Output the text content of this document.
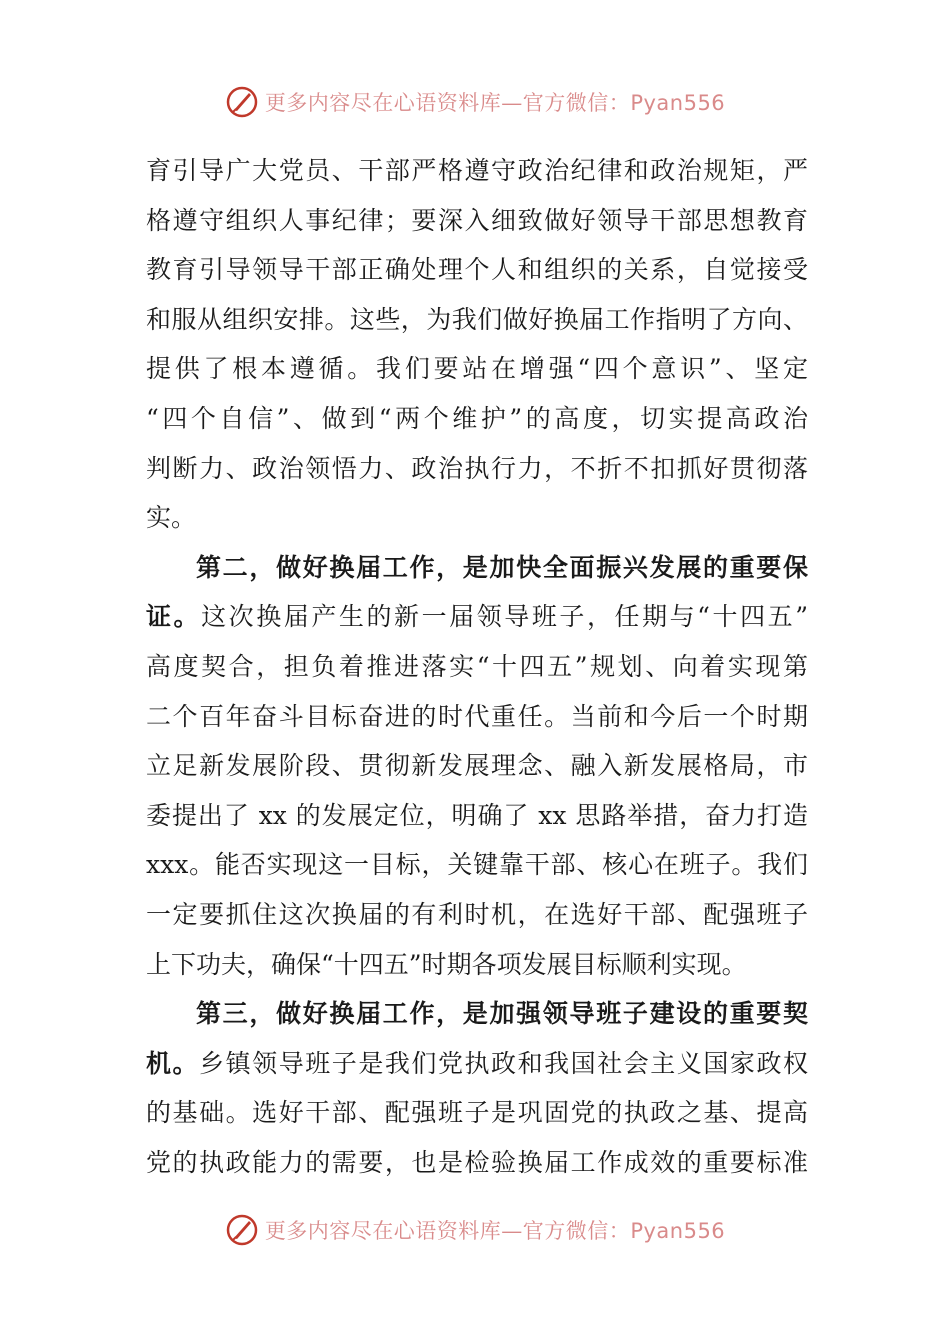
更多内容尽在心语资料库—官方微信：Pyan556
育引导广大党员、干部严格遵守政治纪律和政治规矩，严
格遵守组织人事纪律；要深入细致做好领导干部思想教育
教育引导领导干部正确处理个人和组织的关系，自觉接受
和服从组织安排。这些，为我们做好换届工作指明了方向、
提供了根本遵循。我们要站在增强“四个意识”、坚定
“四个自信”、做到“两个维护”的高度，切实提高政治
判断力、政治领悟力、政治执行力，不折不扣抓好贯彻落
实。
第二，做好换届工作，是加快全面振兴发展的重要保
证。这次换届产生的新一届领导班子，任期与“十四五”
高度契合，担负着推进落实“十四五”规划、向着实现第
二个百年奋斗目标奋进的时代重任。当前和今后一个时期
立足新发展阶段、贯彻新发展理念、融入新发展格局，市
委提出了 xx 的发展定位，明确了 xx 思路举措，奋力打造
xxx。能否实现这一目标，关键靠干部、核心在班子。我们
一定要抓住这次换届的有利时机，在选好干部、配强班子
上下功夫，确保“十四五”时期各项发展目标顺利实现。
第三，做好换届工作，是加强领导班子建设的重要契
机。乡镇领导班子是我们党执政和我国社会主义国家政权
的基础。选好干部、配强班子是巩固党的执政之基、提高
党的执政能力的需要，也是检验换届工作成效的重要标准
更多内容尽在心语资料库—官方微信：Pyan556
